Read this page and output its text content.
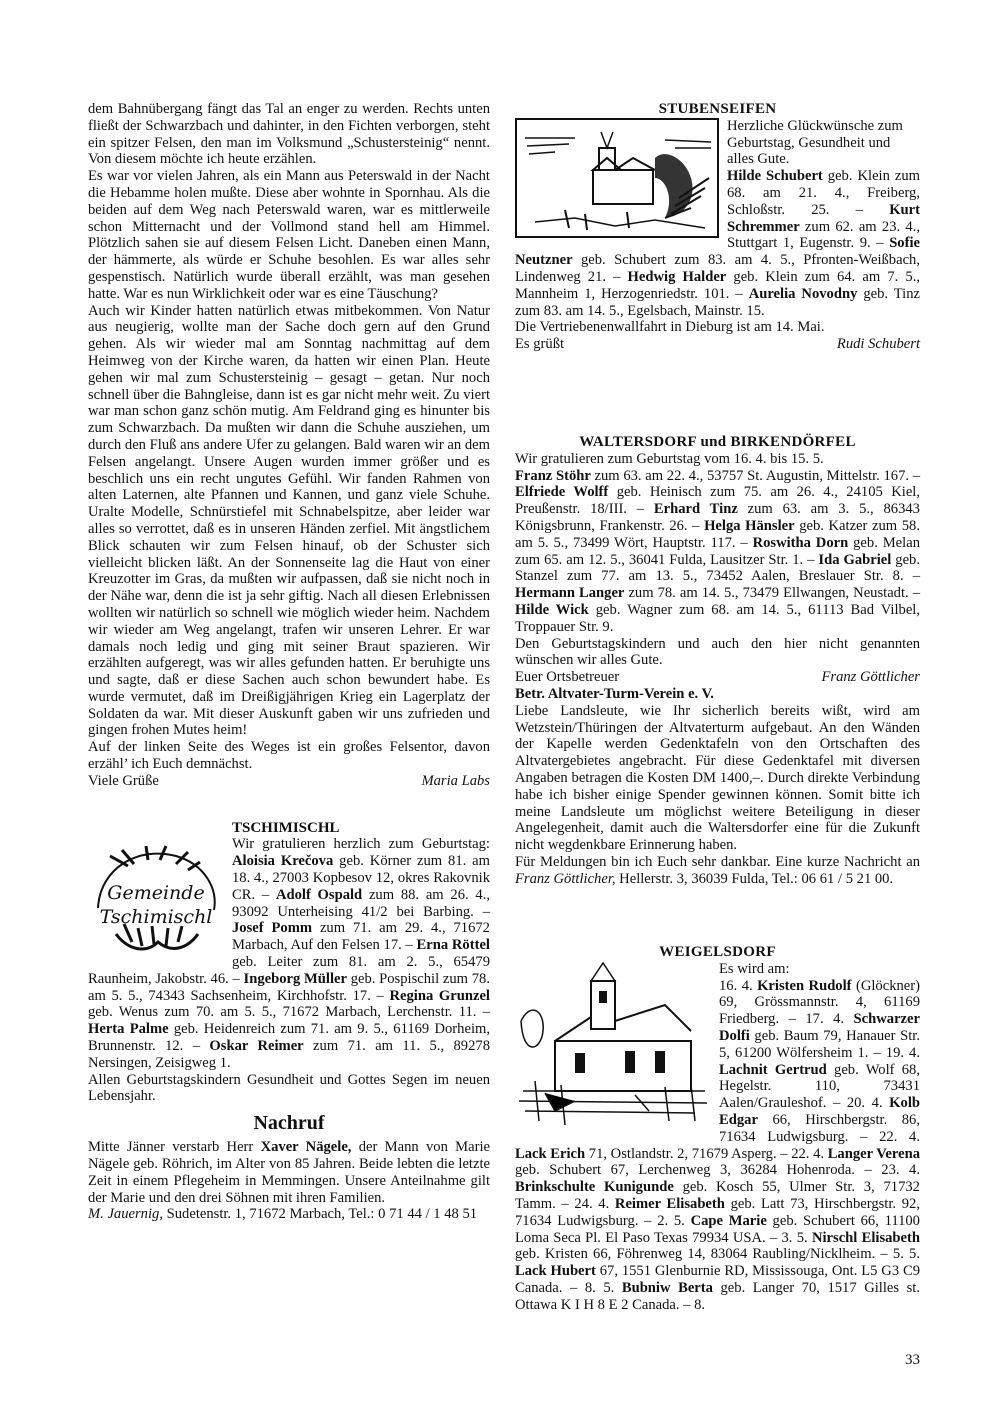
dem Bahnübergang fängt das Tal an enger zu werden. Rechts unten fließt der Schwarzbach und dahinter, in den Fichten verborgen, steht ein spitzer Felsen, den man im Volksmund „Schustersteinig“ nennt. Von diesem möchte ich heute erzählen.

Es war vor vielen Jahren, als ein Mann aus Peterswald in der Nacht die Hebamme holen mußte. Diese aber wohnte in Spornhau. Als die beiden auf dem Weg nach Peterswald waren, war es mittlerweile schon Mitternacht und der Vollmond stand hell am Himmel. Plötzlich sahen sie auf diesem Felsen Licht. Daneben einen Mann, der hämmerte, als würde er Schuhe besohlen. Es war alles sehr gespenstisch. Natürlich wurde überall erzählt, was man gesehen hatte. War es nun Wirklichkeit oder war es eine Täuschung?

Auch wir Kinder hatten natürlich etwas mitbekommen. Von Natur aus neugierig, wollte man der Sache doch gern auf den Grund gehen. Als wir wieder mal am Sonntag nachmittag auf dem Heimweg von der Kirche waren, da hatten wir einen Plan. Heute gehen wir mal zum Schustersteinig – gesagt – getan. Nur noch schnell über die Bahngleise, dann ist es gar nicht mehr weit. Zu viert war man schon ganz schön mutig. Am Feldrand ging es hinunter bis zum Schwarzbach. Da mußten wir dann die Schuhe ausziehen, um durch den Fluß ans andere Ufer zu gelangen. Bald waren wir an dem Felsen angelangt. Unsere Augen wurden immer größer und es beschlich uns ein recht ungutes Gefühl. Wir fanden Rahmen von alten Laternen, alte Pfannen und Kannen, und ganz viele Schuhe. Uralte Modelle, Schnürstiefel mit Schnabelspitze, aber leider war alles so verrottet, daß es in unseren Händen zerfiel. Mit ängstlichem Blick schauten wir zum Felsen hinauf, ob der Schuster sich vielleicht blicken läßt. An der Sonnenseite lag die Haut von einer Kreuzotter im Gras, da mußten wir aufpassen, daß sie nicht noch in der Nähe war, denn die ist ja sehr giftig. Nach all diesen Erlebnissen wollten wir natürlich so schnell wie möglich wieder heim. Nachdem wir wieder am Weg angelangt, trafen wir unseren Lehrer. Er war damals noch ledig und ging mit seiner Braut spazieren. Wir erzählten aufgeregt, was wir alles gefunden hatten. Er beruhigte uns und sagte, daß er diese Sachen auch schon bewundert habe. Es wurde vermutet, daß im Dreißigjährigen Krieg ein Lagerplatz der Soldaten da war. Mit dieser Auskunft gaben wir uns zufrieden und gingen frohen Mutes heim!

Auf der linken Seite des Weges ist ein großes Felsentor, davon erzähl’ ich Euch demnächst.

Viele Grüße	Maria Labs

TSCHIMISCHL

Gemeinde Tschimischl
Wir gratulieren herzlich zum Geburtstag: Aloisia Krečova geb. Körner zum 81. am 18. 4., 27003 Kopbesov 12, okres Rakovnik CR. – Adolf Ospald zum 88. am 26. 4., 93092 Unterheising 41/2 bei Barbing. – Josef Pomm zum 71. am 29. 4., 71672 Marbach, Auf den Felsen 17. – Erna Röttel geb. Leiter zum 81. am 2. 5., 65479 Raunheim, Jakobstr. 46. – Ingeborg Müller geb. Pospischil zum 78. am 5. 5., 74343 Sachsenheim, Kirchhofstr. 17. – Regina Grunzel geb. Wenus zum 70. am 5. 5., 71672 Marbach, Lerchenstr. 11. – Herta Palme geb. Heidenreich zum 71. am 9. 5., 61169 Dorheim, Brunnenstr. 12. – Oskar Reimer zum 71. am 11. 5., 89278 Nersingen, Zeisigweg 1.

Allen Geburtstagskindern Gesundheit und Gottes Segen im neuen Lebensjahr.

Nachruf

Mitte Jänner verstarb Herr Xaver Nägele, der Mann von Marie Nägele geb. Röhrich, im Alter von 85 Jahren. Beide lebten die letzte Zeit in einem Pflegeheim in Memmingen. Unsere Anteilnahme gilt der Marie und den drei Söhnen mit ihren Familien.

M. Jauernig, Sudetenstr. 1, 71672 Marbach, Tel.: 0 71 44 / 1 48 51

STUBENSEIFEN

Herzliche Glückwünsche zum Geburtstag, Gesundheit und alles Gute.

Hilde Schubert geb. Klein zum 68. am 21. 4., Freiberg, Schloßstr. 25. – Kurt Schremmer zum 62. am 23. 4., Stuttgart 1, Eugenstr. 9. – Sofie Neutzner geb. Schubert zum 83. am 4. 5., Pfronten-Weißbach, Lindenweg 21. – Hedwig Halder geb. Klein zum 64. am 7. 5., Mannheim 1, Herzogenriedstr. 101. – Aurelia Novodny geb. Tinz zum 83. am 14. 5., Egelsbach, Mainstr. 15.

Die Vertriebenenwallfahrt in Dieburg ist am 14. Mai.

Es grüßt	Rudi Schubert

WALTERSDORF und BIRKENDÖRFEL

Wir gratulieren zum Geburtstag vom 16. 4. bis 15. 5.

Franz Stöhr zum 63. am 22. 4., 53757 St. Augustin, Mittelstr. 167. – Elfriede Wolff geb. Heinisch zum 75. am 26. 4., 24105 Kiel, Preußenstr. 18/III. – Erhard Tinz zum 63. am 3. 5., 86343 Königsbrunn, Frankenstr. 26. – Helga Hänsler geb. Katzer zum 58. am 5. 5., 73499 Wört, Hauptstr. 117. – Roswitha Dorn geb. Melan zum 65. am 12. 5., 36041 Fulda, Lausitzer Str. 1. – Ida Gabriel geb. Stanzel zum 77. am 13. 5., 73452 Aalen, Breslauer Str. 8. – Hermann Langer zum 78. am 14. 5., 73479 Ellwangen, Neustadt. – Hilde Wick geb. Wagner zum 68. am 14. 5., 61113 Bad Vilbel, Troppauer Str. 9.

Den Geburtstagskindern und auch den hier nicht genannten wünschen wir alles Gute.

Euer Ortsbetreuer	Franz Göttlicher

Betr. Altvater-Turm-Verein e. V.

Liebe Landsleute, wie Ihr sicherlich bereits wißt, wird am Wetzstein/Thüringen der Altvaterturm aufgebaut. An den Wänden der Kapelle werden Gedenktafeln von den Ortschaften des Altvatergebietes angebracht. Für diese Gedenktafel mit diversen Angaben betragen die Kosten DM 1400,–. Durch direkte Verbindung habe ich bisher einige Spender gewinnen können. Somit bitte ich meine Landsleute um möglichst weitere Beteiligung in dieser Angelegenheit, damit auch die Waltersdorfer eine für die Zukunft nicht wegdenkbare Erinnerung haben.

Für Meldungen bin ich Euch sehr dankbar. Eine kurze Nachricht an Franz Göttlicher, Hellerstr. 3, 36039 Fulda, Tel.: 06 61 / 5 21 00.

WEIGELSDORF

Es wird am:

16. 4. Kristen Rudolf (Glöckner) 69, Grössmannstr. 4, 61169 Friedberg. – 17. 4. Schwarzer Dolfi geb. Baum 79, Hanauer Str. 5, 61200 Wölfersheim 1. – 19. 4. Lachnit Gertrud geb. Wolf 68, Hegelstr. 110, 73431 Aalen/Grauleshof. – 20. 4. Kolb Edgar 66, Hirschbergstr. 86, 71634 Ludwigsburg. – 22. 4. Lack Erich 71, Ostlandstr. 2, 71679 Asperg. – 22. 4. Langer Verena geb. Schubert 67, Lerchenweg 3, 36284 Hohenroda. – 23. 4. Brinkschulte Kunigunde geb. Kosch 55, Ulmer Str. 3, 71732 Tamm. – 24. 4. Reimer Elisabeth geb. Latt 73, Hirschbergstr. 92, 71634 Ludwigsburg. – 2. 5. Cape Marie geb. Schubert 66, 11100 Loma Seca Pl. El Paso Texas 79934 USA. – 3. 5. Nirschl Elisabeth geb. Kristen 66, Föhrenweg 14, 83064 Raubling/Nicklheim. – 5. 5. Lack Hubert 67, 1551 Glenburnie RD, Mississouga, Ont. L5 G3 C9 Canada. – 8. 5. Bubniw Berta geb. Langer 70, 1517 Gilles st. Ottawa K I H 8 E 2 Canada. – 8.

33
